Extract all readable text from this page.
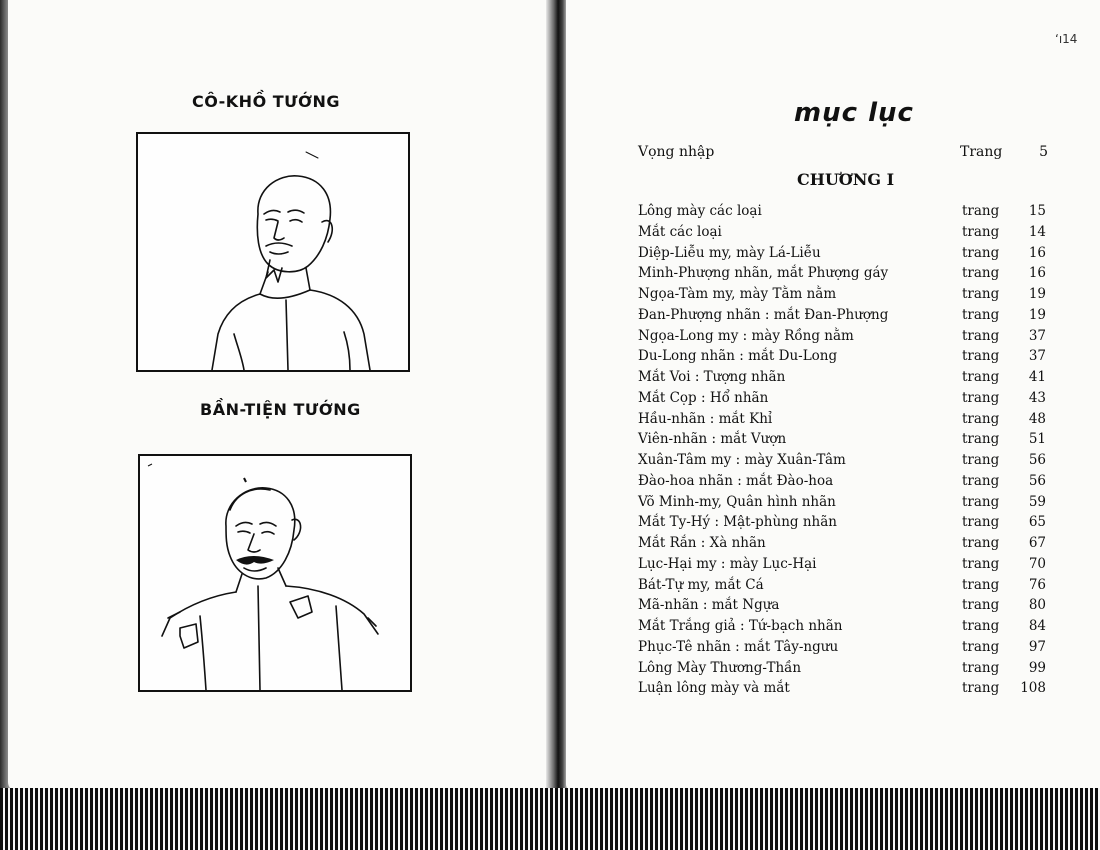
CÔ-KHỒ TƯỚNG
BẦN-TIỆN TƯỚNG
ʻı14
mục lục
Vọng nhập	Trang	5
CHƯƠNG I
Lông mày các loại	trang	15
Mắt các loại	trang	14
Diệp-Liễu my, mày Lá-Liễu	trang	16
Minh-Phượng nhãn, mắt Phượng gáy	trang	16
Ngọa-Tàm my, mày Tằm nằm	trang	19
Đan-Phượng nhãn : mắt Đan-Phượng	trang	19
Ngọa-Long my : mày Rồng nằm	trang	37
Du-Long nhãn : mắt Du-Long	trang	37
Mắt Voi : Tượng nhãn	trang	41
Mắt Cọp : Hổ nhãn	trang	43
Hầu-nhãn : mắt Khỉ	trang	48
Viên-nhãn : mắt Vượn	trang	51
Xuân-Tâm my : mày Xuân-Tâm	trang	56
Đào-hoa nhãn : mắt Đào-hoa	trang	56
Võ Minh-my, Quân hình nhãn	trang	59
Mắt Ty-Hý : Mật-phùng nhãn	trang	65
Mắt Rắn : Xà nhãn	trang	67
Lục-Hại my : mày Lục-Hại	trang	70
Bát-Tự my, mắt Cá	trang	76
Mã-nhãn : mắt Ngựa	trang	80
Mắt Trắng giả : Tứ-bạch nhãn	trang	84
Phục-Tê nhãn : mắt Tây-ngưu	trang	97
Lông Mày Thương-Thần	trang	99
Luận lông mày và mắt	trang	108
